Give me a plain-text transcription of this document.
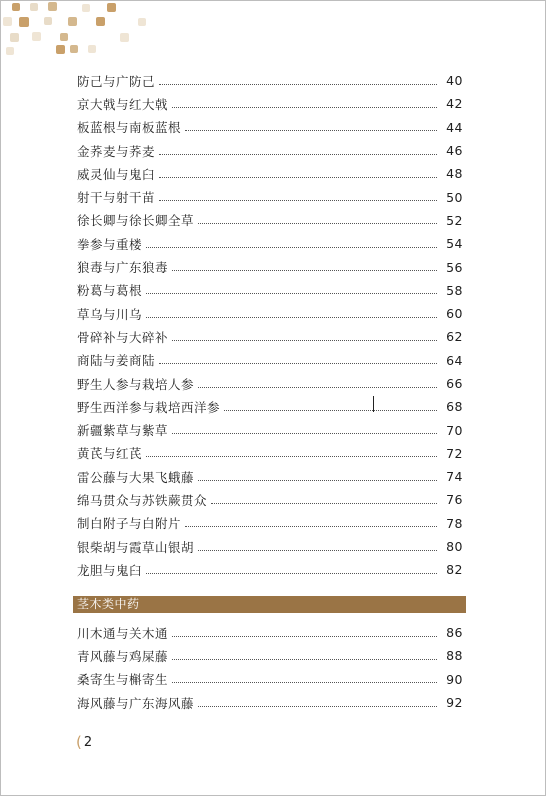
防己与广防己	40
京大戟与红大戟	42
板蓝根与南板蓝根	44
金荞麦与荞麦	46
威灵仙与鬼臼	48
射干与射干苗	50
徐长卿与徐长卿全草	52
拳参与重楼	54
狼毒与广东狼毒	56
粉葛与葛根	58
草乌与川乌	60
骨碎补与大碎补	62
商陆与姜商陆	64
野生人参与栽培人参	66
野生西洋参与栽培西洋参	68
新疆紫草与紫草	70
黄芪与红芪	72
雷公藤与大果飞蛾藤	74
绵马贯众与苏铁蕨贯众	76
制白附子与白附片	78
银柴胡与霞草山银胡	80
龙胆与鬼臼	82
茎木类中药
川木通与关木通	86
青风藤与鸡屎藤	88
桑寄生与槲寄生	90
海风藤与广东海风藤	92
( 2
